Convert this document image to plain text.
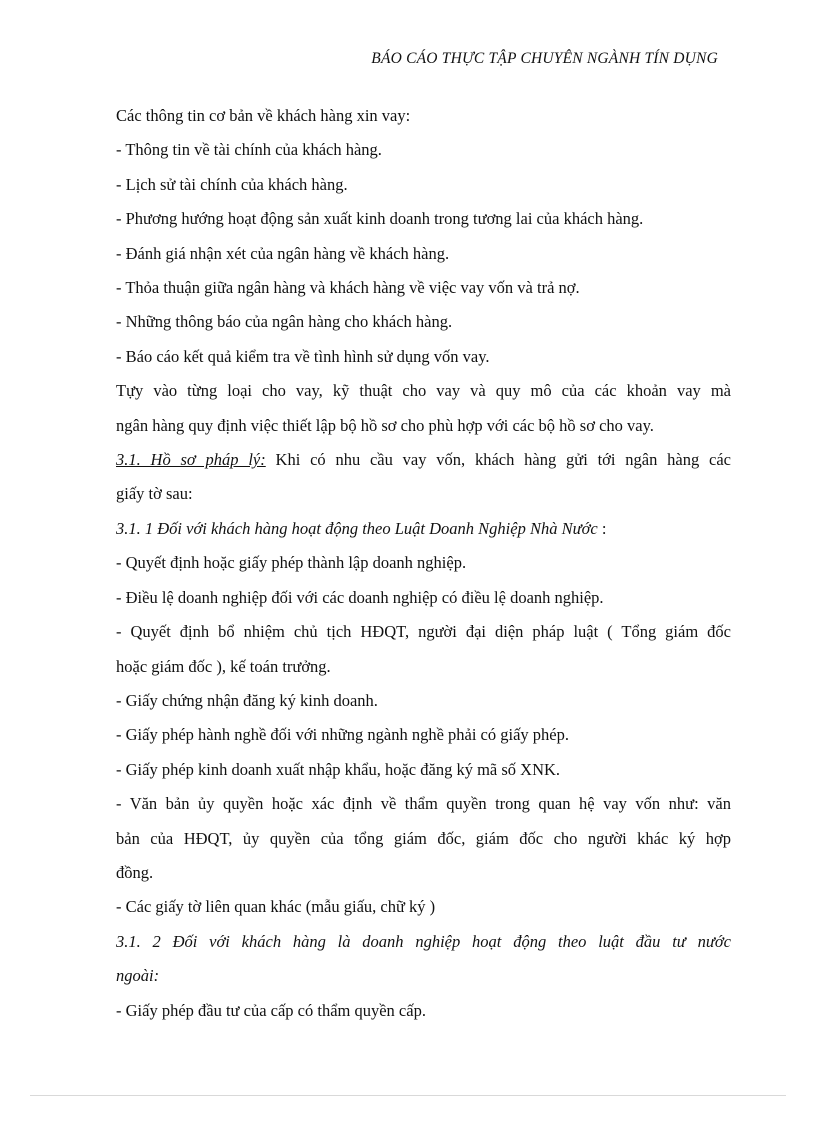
BÁO CÁO THỰC TẬP CHUYÊN NGÀNH TÍN DỤNG
Các thông tin cơ bản về khách hàng xin vay:
- Thông tin về tài chính của khách hàng.
- Lịch sử tài chính của khách hàng.
- Phương hướng hoạt động sản xuất kinh doanh trong tương lai của khách hàng.
- Đánh giá nhận xét của ngân hàng về khách hàng.
- Thỏa thuận giữa ngân hàng và khách hàng về việc vay vốn và trả nợ.
- Những thông báo của ngân hàng cho khách hàng.
- Báo cáo kết quả kiểm tra về tình hình sử dụng vốn vay.
Tựy vào từng loại cho vay, kỹ thuật cho vay và quy mô của các khoản vay mà
ngân hàng quy định việc thiết lập bộ hồ sơ cho phù hợp với các bộ hồ sơ cho vay.
3.1. Hồ sơ pháp lý: Khi có nhu cầu vay vốn, khách hàng gửi tới ngân hàng các
giấy tờ sau:
3.1. 1 Đối với khách hàng hoạt động theo Luật Doanh Nghiệp Nhà Nước :
- Quyết định hoặc giấy phép thành lập doanh nghiệp.
- Điều lệ doanh nghiệp đối với các doanh nghiệp có điều lệ doanh nghiệp.
- Quyết định bổ nhiệm chủ tịch HĐQT, người đại diện pháp luật ( Tổng giám đốc
hoặc giám đốc ), kế toán trưởng.
- Giấy chứng nhận đăng ký kinh doanh.
- Giấy phép hành nghề đối với những ngành nghề phải có giấy phép.
- Giấy phép kinh doanh xuất nhập khẩu, hoặc đăng ký mã số XNK.
- Văn bản ủy quyền hoặc xác định về thẩm quyền trong quan hệ vay vốn như: văn
bản của HĐQT, ủy quyền của tổng giám đốc, giám đốc cho người khác ký hợp
đồng.
- Các giấy tờ liên quan khác (mẫu giấu, chữ ký )
3.1. 2 Đối với khách hàng là doanh nghiệp hoạt động theo luật đầu tư nước
ngoài:
- Giấy phép đầu tư của cấp có thẩm quyền cấp.
